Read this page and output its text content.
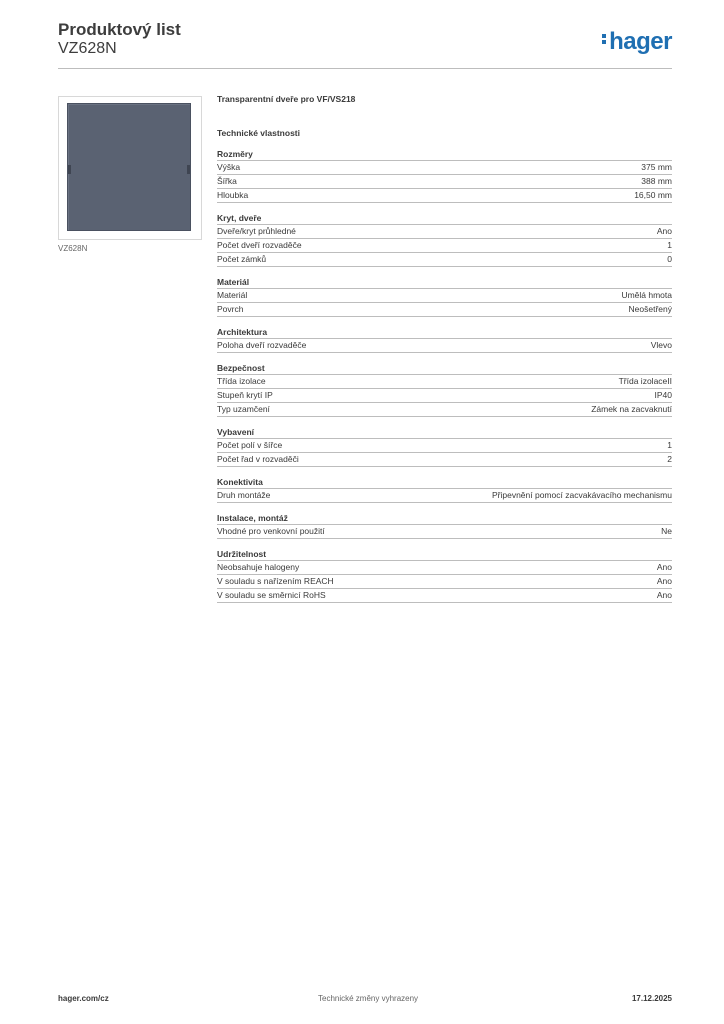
Produktový list
VZ628N	hager
VZ628N
Transparentní dveře pro VF/VS218
Technické vlastnosti
Rozměry
Výška	375 mm
Šířka	388 mm
Hloubka	16,50 mm
Kryt, dveře
Dveře/kryt průhledné	Ano
Počet dveří rozvaděče	1
Počet zámků	0
Materiál
Materiál	Umělá hmota
Povrch	Neošetřený
Architektura
Poloha dveří rozvaděče	Vlevo
Bezpečnost
Třída izolace	Třída izolaceII
Stupeň krytí IP	IP40
Typ uzamčení	Zámek na zacvaknutí
Vybavení
Počet polí v šířce	1
Počet řad v rozvaděči	2
Konektivita
Druh montáže	Připevnění pomocí zacvakávacího mechanismu
Instalace, montáž
Vhodné pro venkovní použití	Ne
Udržitelnost
Neobsahuje halogeny	Ano
V souladu s nařízením REACH	Ano
V souladu se směrnicí RoHS	Ano
hager.com/cz	Technické změny vyhrazeny	17.12.2025
